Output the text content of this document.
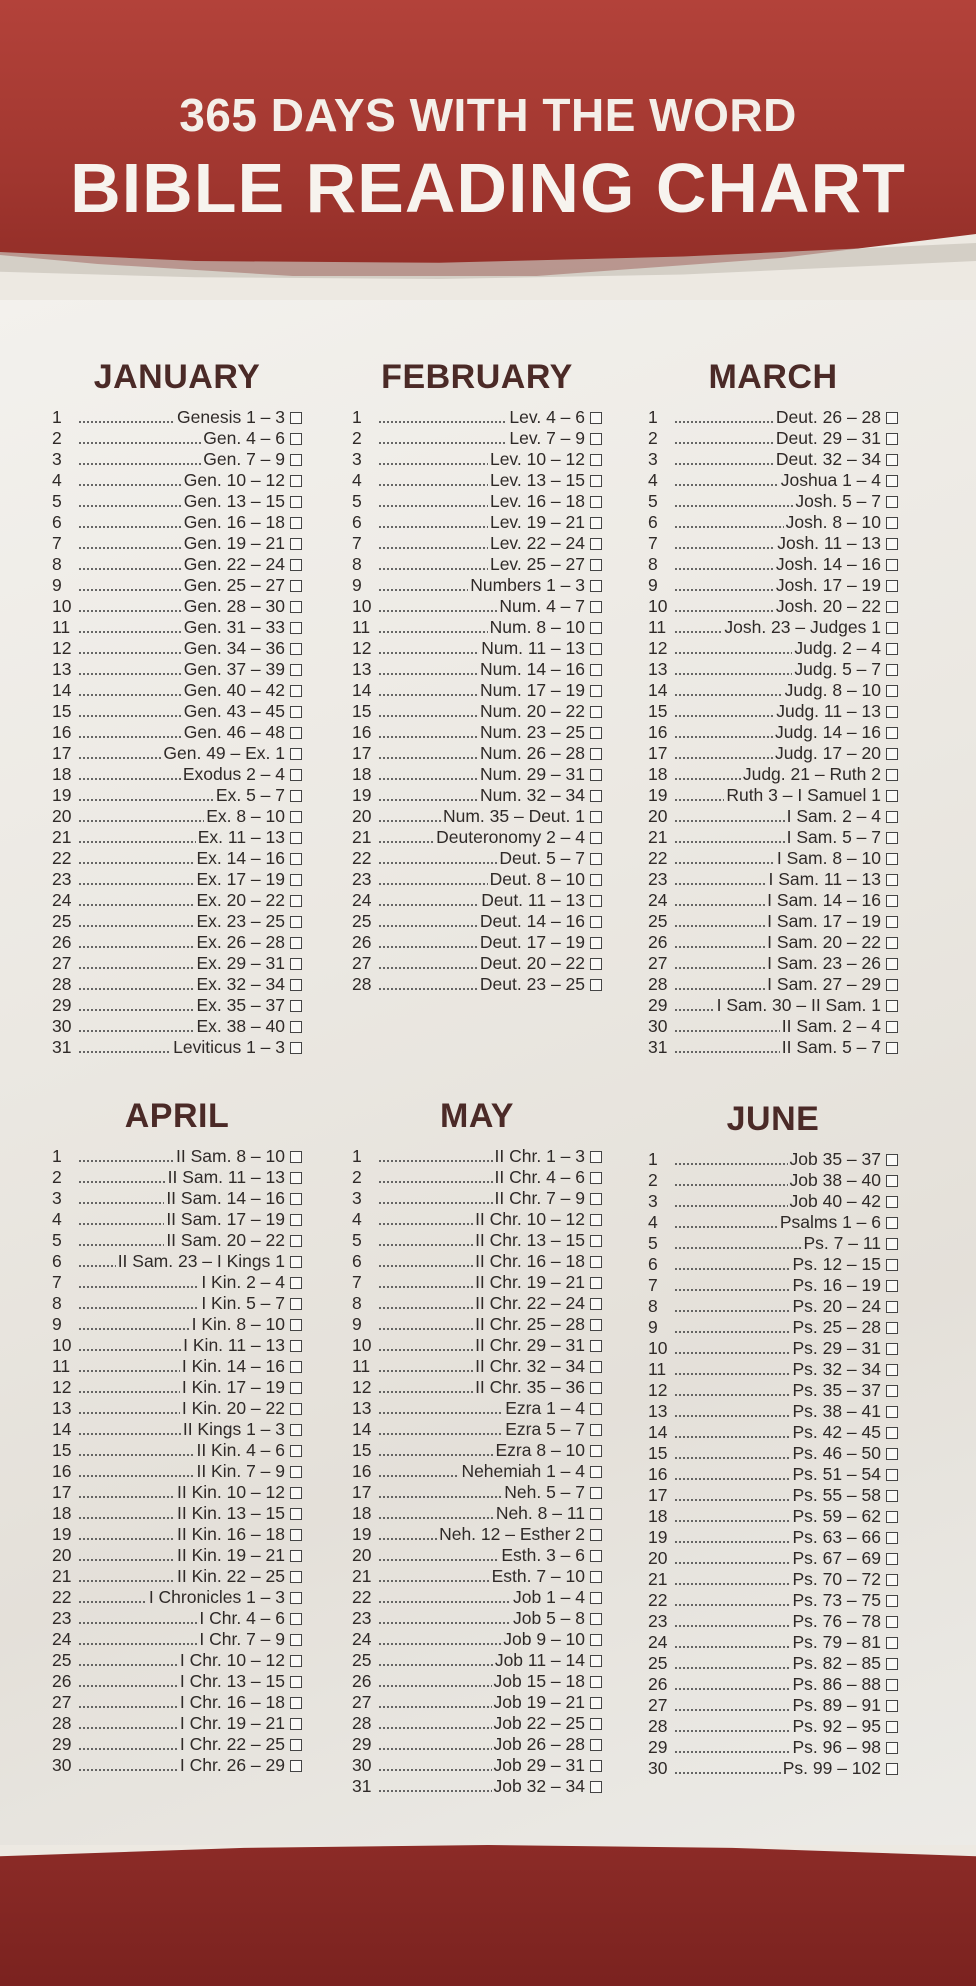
365 DAYS WITH THE WORD
BIBLE READING CHART
JANUARY
1	Genesis 1 – 3
2	Gen. 4 – 6
3	Gen. 7 – 9
4	Gen. 10 – 12
5	Gen. 13 – 15
6	Gen. 16 – 18
7	Gen. 19 – 21
8	Gen. 22 – 24
9	Gen. 25 – 27
10	Gen. 28 – 30
11	Gen. 31 – 33
12	Gen. 34 – 36
13	Gen. 37 – 39
14	Gen. 40 – 42
15	Gen. 43 – 45
16	Gen. 46 – 48
17	Gen. 49 – Ex. 1
18	Exodus 2 – 4
19	Ex. 5 – 7
20	Ex. 8 – 10
21	Ex. 11 – 13
22	Ex. 14 – 16
23	Ex. 17 – 19
24	Ex. 20 – 22
25	Ex. 23 – 25
26	Ex. 26 – 28
27	Ex. 29 – 31
28	Ex. 32 – 34
29	Ex. 35 – 37
30	Ex. 38 – 40
31	Leviticus 1 – 3
FEBRUARY
1	Lev. 4 – 6
2	Lev. 7 – 9
3	Lev. 10 – 12
4	Lev. 13 – 15
5	Lev. 16 – 18
6	Lev. 19 – 21
7	Lev. 22 – 24
8	Lev. 25 – 27
9	Numbers 1 – 3
10	Num. 4 – 7
11	Num. 8 – 10
12	Num. 11 – 13
13	Num. 14 – 16
14	Num. 17 – 19
15	Num. 20 – 22
16	Num. 23 – 25
17	Num. 26 – 28
18	Num. 29 – 31
19	Num. 32 – 34
20	Num. 35 – Deut. 1
21	Deuteronomy 2 – 4
22	Deut. 5 – 7
23	Deut. 8 – 10
24	Deut. 11 – 13
25	Deut. 14 – 16
26	Deut. 17 – 19
27	Deut. 20 – 22
28	Deut. 23 – 25
MARCH
1	Deut. 26 – 28
2	Deut. 29 – 31
3	Deut. 32 – 34
4	Joshua 1 – 4
5	Josh. 5 – 7
6	Josh. 8 – 10
7	Josh. 11 – 13
8	Josh. 14 – 16
9	Josh. 17 – 19
10	Josh. 20 – 22
11	Josh. 23 – Judges 1
12	Judg. 2 – 4
13	Judg. 5 – 7
14	Judg. 8 – 10
15	Judg. 11 – 13
16	Judg. 14 – 16
17	Judg. 17 – 20
18	Judg. 21 – Ruth 2
19	Ruth 3 – I Samuel 1
20	I Sam. 2 – 4
21	I Sam. 5 – 7
22	I Sam. 8 – 10
23	I Sam. 11 – 13
24	I Sam. 14 – 16
25	I Sam. 17 – 19
26	I Sam. 20 – 22
27	I Sam. 23 – 26
28	I Sam. 27 – 29
29	I Sam. 30 – II Sam. 1
30	II Sam. 2 – 4
31	II Sam. 5 – 7
APRIL
1	II Sam. 8 – 10
2	II Sam. 11 – 13
3	II Sam. 14 – 16
4	II Sam. 17 – 19
5	II Sam. 20 – 22
6	II Sam. 23 – I Kings 1
7	I Kin. 2 – 4
8	I Kin. 5 – 7
9	I Kin. 8 – 10
10	I Kin. 11 – 13
11	I Kin. 14 – 16
12	I Kin. 17 – 19
13	I Kin. 20 – 22
14	II Kings 1 – 3
15	II Kin. 4 – 6
16	II Kin. 7 – 9
17	II Kin. 10 – 12
18	II Kin. 13 – 15
19	II Kin. 16 – 18
20	II Kin. 19 – 21
21	II Kin. 22 – 25
22	I Chronicles 1 – 3
23	I Chr. 4 – 6
24	I Chr. 7 – 9
25	I Chr. 10 – 12
26	I Chr. 13 – 15
27	I Chr. 16 – 18
28	I Chr. 19 – 21
29	I Chr. 22 – 25
30	I Chr. 26 – 29
MAY
1	II Chr. 1 – 3
2	II Chr. 4 – 6
3	II Chr. 7 – 9
4	II Chr. 10 – 12
5	II Chr. 13 – 15
6	II Chr. 16 – 18
7	II Chr. 19 – 21
8	II Chr. 22 – 24
9	II Chr. 25 – 28
10	II Chr. 29 – 31
11	II Chr. 32 – 34
12	II Chr. 35 – 36
13	Ezra 1 – 4
14	Ezra 5 – 7
15	Ezra 8 – 10
16	Nehemiah 1 – 4
17	Neh. 5 – 7
18	Neh. 8 – 11
19	Neh. 12 – Esther 2
20	Esth. 3 – 6
21	Esth. 7 – 10
22	Job 1 – 4
23	Job 5 – 8
24	Job 9 – 10
25	Job 11 – 14
26	Job 15 – 18
27	Job 19 – 21
28	Job 22 – 25
29	Job 26 – 28
30	Job 29 – 31
31	Job 32 – 34
JUNE
1	Job 35 – 37
2	Job 38 – 40
3	Job 40 – 42
4	Psalms 1 – 6
5	Ps. 7 – 11
6	Ps. 12 – 15
7	Ps. 16 – 19
8	Ps. 20 – 24
9	Ps. 25 – 28
10	Ps. 29 – 31
11	Ps. 32 – 34
12	Ps. 35 – 37
13	Ps. 38 – 41
14	Ps. 42 – 45
15	Ps. 46 – 50
16	Ps. 51 – 54
17	Ps. 55 – 58
18	Ps. 59 – 62
19	Ps. 63 – 66
20	Ps. 67 – 69
21	Ps. 70 – 72
22	Ps. 73 – 75
23	Ps. 76 – 78
24	Ps. 79 – 81
25	Ps. 82 – 85
26	Ps. 86 – 88
27	Ps. 89 – 91
28	Ps. 92 – 95
29	Ps. 96 – 98
30	Ps. 99 – 102
